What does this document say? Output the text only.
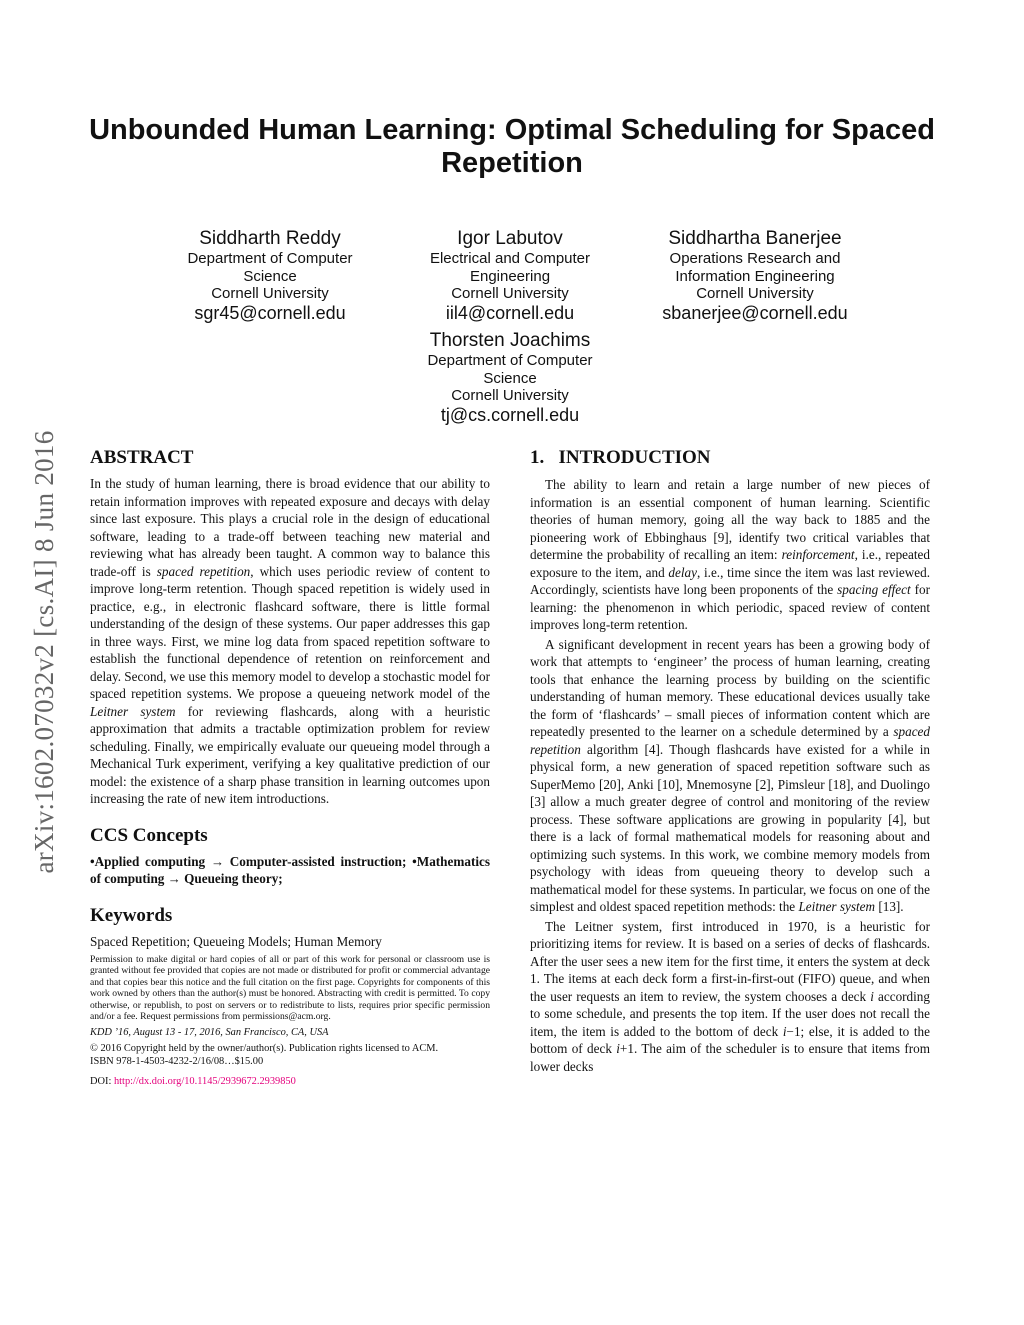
arXiv:1602.07032v2 [cs.AI] 8 Jun 2016
Unbounded Human Learning: Optimal Scheduling for Spaced Repetition
Siddharth Reddy
Department of Computer
Science
Cornell University
sgr45@cornell.edu
Igor Labutov
Electrical and Computer
Engineering
Cornell University
iil4@cornell.edu
Siddhartha Banerjee
Operations Research and
Information Engineering
Cornell University
sbanerjee@cornell.edu
Thorsten Joachims
Department of Computer
Science
Cornell University
tj@cs.cornell.edu
ABSTRACT

In the study of human learning, there is broad evidence that our ability to retain information improves with repeated exposure and decays with delay since last exposure. This plays a crucial role in the design of educational software, leading to a trade-off between teaching new material and reviewing what has already been taught. A common way to balance this trade-off is spaced repetition, which uses periodic review of content to improve long-term retention. Though spaced repetition is widely used in practice, e.g., in electronic flashcard software, there is little formal understanding of the design of these systems. Our paper addresses this gap in three ways. First, we mine log data from spaced repetition software to establish the functional dependence of retention on reinforcement and delay. Second, we use this memory model to develop a stochastic model for spaced repetition systems. We propose a queueing network model of the Leitner system for reviewing flashcards, along with a heuristic approximation that admits a tractable optimization problem for review scheduling. Finally, we empirically evaluate our queueing model through a Mechanical Turk experiment, verifying a key qualitative prediction of our model: the existence of a sharp phase transition in learning outcomes upon increasing the rate of new item introductions.

CCS Concepts

•Applied computing → Computer-assisted instruction; •Mathematics of computing → Queueing theory;

Keywords

Spaced Repetition; Queueing Models; Human Memory

Permission to make digital or hard copies of all or part of this work for personal or classroom use is granted without fee provided that copies are not made or distributed for profit or commercial advantage and that copies bear this notice and the full citation on the first page. Copyrights for components of this work owned by others than the author(s) must be honored. Abstracting with credit is permitted. To copy otherwise, or republish, to post on servers or to redistribute to lists, requires prior specific permission and/or a fee. Request permissions from permissions@acm.org.

KDD ’16, August 13 - 17, 2016, San Francisco, CA, USA

© 2016 Copyright held by the owner/author(s). Publication rights licensed to ACM.
ISBN 978-1-4503-4232-2/16/08…$15.00

DOI: http://dx.doi.org/10.1145/2939672.2939850

1.   INTRODUCTION

The ability to learn and retain a large number of new pieces of information is an essential component of human learning. Scientific theories of human memory, going all the way back to 1885 and the pioneering work of Ebbinghaus [9], identify two critical variables that determine the probability of recalling an item: reinforcement, i.e., repeated exposure to the item, and delay, i.e., time since the item was last reviewed. Accordingly, scientists have long been proponents of the spacing effect for learning: the phenomenon in which periodic, spaced review of content improves long-term retention.

A significant development in recent years has been a growing body of work that attempts to ‘engineer’ the process of human learning, creating tools that enhance the learning process by building on the scientific understanding of human memory. These educational devices usually take the form of ‘flashcards’ – small pieces of information content which are repeatedly presented to the learner on a schedule determined by a spaced repetition algorithm [4]. Though flashcards have existed for a while in physical form, a new generation of spaced repetition software such as SuperMemo [20], Anki [10], Mnemosyne [2], Pimsleur [18], and Duolingo [3] allow a much greater degree of control and monitoring of the review process. These software applications are growing in popularity [4], but there is a lack of formal mathematical models for reasoning about and optimizing such systems. In this work, we combine memory models from psychology with ideas from queueing theory to develop such a mathematical model for these systems. In particular, we focus on one of the simplest and oldest spaced repetition methods: the Leitner system [13].

The Leitner system, first introduced in 1970, is a heuristic for prioritizing items for review. It is based on a series of decks of flashcards. After the user sees a new item for the first time, it enters the system at deck 1. The items at each deck form a first-in-first-out (FIFO) queue, and when the user requests an item to review, the system chooses a deck i according to some schedule, and presents the top item. If the user does not recall the item, the item is added to the bottom of deck i−1; else, it is added to the bottom of deck i+1. The aim of the scheduler is to ensure that items from lower decks
